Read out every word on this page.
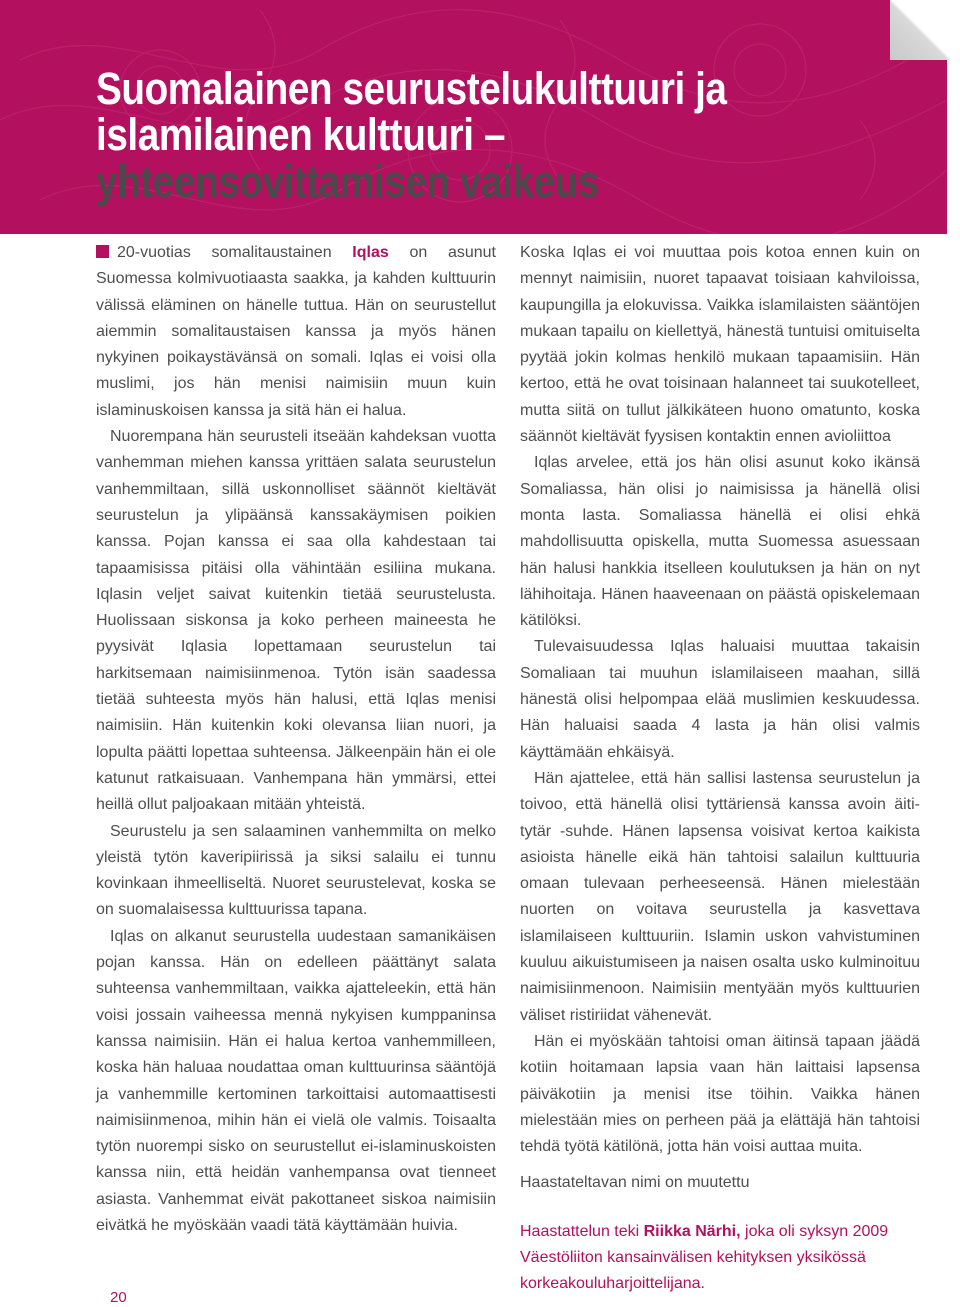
Suomalainen seurustelukulttuuri ja
islamilainen kulttuuri –
yhteensovittamisen vaikeus

20-vuotias somalitaustainen Iqlas on asunut Suomessa kolmivuotiaasta saakka, ja kahden kulttuurin välissä eläminen on hänelle tuttua. Hän on seurustellut aiemmin somalitaustaisen kanssa ja myös hänen nykyinen poikaystävänsä on somali. Iqlas ei voisi olla muslimi, jos hän menisi naimisiin muun kuin islaminuskoisen kanssa ja sitä hän ei halua.

Nuorempana hän seurusteli itseään kahdeksan vuotta vanhemman miehen kanssa yrittäen salata seurustelun vanhemmiltaan, sillä uskonnolliset säännöt kieltävät seurustelun ja ylipäänsä kanssakäymisen poikien kanssa. Pojan kanssa ei saa olla kahdestaan tai tapaamisissa pitäisi olla vähintään esiliina mukana. Iqlasin veljet saivat kuitenkin tietää seurustelusta. Huolissaan siskonsa ja koko perheen maineesta he pyysivät Iqlasia lopettamaan seurustelun tai harkitsemaan naimisiinmenoa. Tytön isän saadessa tietää suhteesta myös hän halusi, että Iqlas menisi naimisiin. Hän kuitenkin koki olevansa liian nuori, ja lopulta päätti lopettaa suhteensa. Jälkeenpäin hän ei ole katunut ratkaisuaan. Vanhempana hän ymmärsi, ettei heillä ollut paljoakaan mitään yhteistä.

Seurustelu ja sen salaaminen vanhemmilta on melko yleistä tytön kaveripiirissä ja siksi salailu ei tunnu kovinkaan ihmeelliseltä. Nuoret seurustelevat, koska se on suomalaisessa kulttuurissa tapana.

Iqlas on alkanut seurustella uudestaan samanikäisen pojan kanssa. Hän on edelleen päättänyt salata suhteensa vanhemmiltaan, vaikka ajatteleekin, että hän voisi jossain vaiheessa mennä nykyisen kumppaninsa kanssa naimisiin. Hän ei halua kertoa vanhemmilleen, koska hän haluaa noudattaa oman kulttuurinsa sääntöjä ja vanhemmille kertominen tarkoittaisi automaattisesti naimisiinmenoa, mihin hän ei vielä ole valmis. Toisaalta tytön nuorempi sisko on seurustellut ei-islaminuskoisten kanssa niin, että heidän vanhempansa ovat tienneet asiasta. Vanhemmat eivät pakottaneet siskoa naimisiin eivätkä he myöskään vaadi tätä käyttämään huivia.

Koska Iqlas ei voi muuttaa pois kotoa ennen kuin on mennyt naimisiin, nuoret tapaavat toisiaan kahviloissa, kaupungilla ja elokuvissa. Vaikka islamilaisten sääntöjen mukaan tapailu on kiellettyä, hänestä tuntuisi omituiselta pyytää jokin kolmas henkilö mukaan tapaamisiin. Hän kertoo, että he ovat toisinaan halanneet tai suukotelleet, mutta siitä on tullut jälkikäteen huono omatunto, koska säännöt kieltävät fyysisen kontaktin ennen avioliittoa

Iqlas arvelee, että jos hän olisi asunut koko ikänsä Somaliassa, hän olisi jo naimisissa ja hänellä olisi monta lasta. Somaliassa hänellä ei olisi ehkä mahdollisuutta opiskella, mutta Suomessa asuessaan hän halusi hankkia itselleen koulutuksen ja hän on nyt lähihoitaja. Hänen haaveenaan on päästä opiskelemaan kätilöksi.

Tulevaisuudessa Iqlas haluaisi muuttaa takaisin Somaliaan tai muuhun islamilaiseen maahan, sillä hänestä olisi helpompaa elää muslimien keskuudessa. Hän haluaisi saada 4 lasta ja hän olisi valmis käyttämään ehkäisyä.

Hän ajattelee, että hän sallisi lastensa seurustelun ja toivoo, että hänellä olisi tyttäriensä kanssa avoin äiti-tytär -suhde. Hänen lapsensa voisivat kertoa kaikista asioista hänelle eikä hän tahtoisi salailun kulttuuria omaan tulevaan perheeseensä. Hänen mielestään nuorten on voitava seurustella ja kasvettava islamilaiseen kulttuuriin. Islamin uskon vahvistuminen kuuluu aikuistumiseen ja naisen osalta usko kulminoituu naimisiinmenoon. Naimisiin mentyään myös kulttuurien väliset ristiriidat vähenevät.

Hän ei myöskään tahtoisi oman äitinsä tapaan jäädä kotiin hoitamaan lapsia vaan hän laittaisi lapsensa päiväkotiin ja menisi itse töihin. Vaikka hänen mielestään mies on perheen pää ja elättäjä hän tahtoisi tehdä työtä kätilönä, jotta hän voisi auttaa muita.

Haastateltavan nimi on muutettu

Haastattelun teki Riikka Närhi, joka oli syksyn 2009 Väestöliiton kansainvälisen kehityksen yksikössä korkeakouluharjoittelijana.

20
